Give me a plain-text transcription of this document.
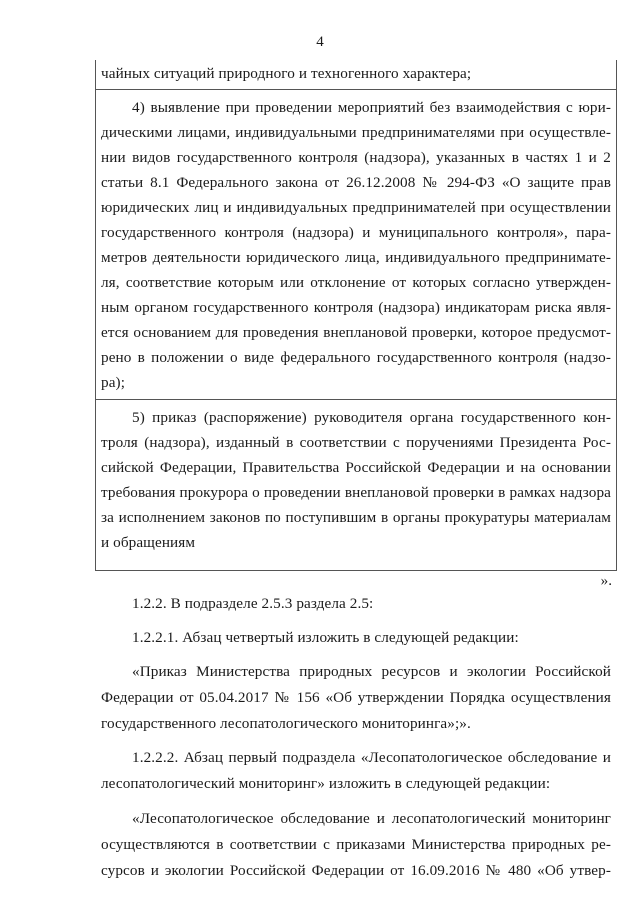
4
чайных ситуаций природного и техногенного характера;
4) выявление при проведении мероприятий без взаимодействия с юри-
дическими лицами, индивидуальными предпринимателями при осуществле-
нии видов государственного контроля (надзора), указанных в частях 1 и 2
статьи 8.1 Федерального закона от 26.12.2008 № 294-ФЗ «О защите прав
юридических лиц и индивидуальных предпринимателей при осуществлении
государственного контроля (надзора) и муниципального контроля», пара-
метров деятельности юридического лица, индивидуального предпринимате-
ля, соответствие которым или отклонение от которых согласно утвержден-
ным органом государственного контроля (надзора) индикаторам риска явля-
ется основанием для проведения внеплановой проверки, которое предусмот-
рено в положении о виде федерального государственного контроля (надзо-
ра);
5) приказ (распоряжение) руководителя органа государственного кон-
троля (надзора), изданный в соответствии с поручениями Президента Рос-
сийской Федерации, Правительства Российской Федерации и на основании
требования прокурора о проведении внеплановой проверки в рамках надзора
за исполнением законов по поступившим в органы прокуратуры материалам
и обращениям
».
1.2.2. В подразделе 2.5.3 раздела 2.5:
1.2.2.1. Абзац четвертый изложить в следующей редакции:
«Приказ Министерства природных ресурсов и экологии Российской
Федерации от 05.04.2017 № 156 «Об утверждении Порядка осуществления
государственного лесопатологического мониторинга»;».
1.2.2.2. Абзац первый подраздела «Лесопатологическое обследование и
лесопатологический мониторинг» изложить в следующей редакции:
«Лесопатологическое обследование и лесопатологический мониторинг
осуществляются в соответствии с приказами Министерства природных ре-
сурсов и экологии Российской Федерации от 16.09.2016 № 480 «Об утвер-
